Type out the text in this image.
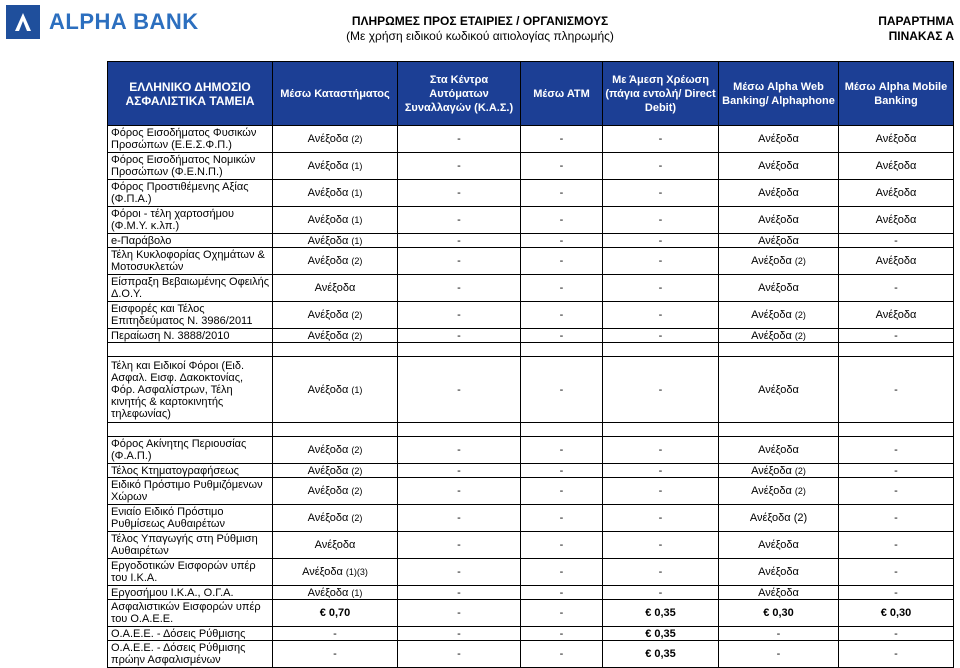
ALPHA BANK	ΠΛΗΡΩΜΕΣ ΠΡΟΣ ΕΤΑΙΡΙΕΣ / ΟΡΓΑΝΙΣΜΟΥΣ
(Με χρήση ειδικού κωδικού αιτιολογίας πληρωμής)
ΠΑΡΑΡΤΗΜΑ
ΠΙΝΑΚΑΣ Α
ΕΛΛΗΝΙΚΟ ΔΗΜΟΣΙΟ ΑΣΦΑΛΙΣΤΙΚΑ ΤΑΜΕΙΑ	Μέσω Καταστήματος	Στα Κέντρα Αυτόματων Συναλλαγών (Κ.Α.Σ.)	Μέσω ΑΤΜ	Με Άμεση Χρέωση (πάγια εντολή/ Direct Debit)	Μέσω Alpha Web Banking/ Alphaphone	Μέσω Alpha Mobile Banking
Φόρος Εισοδήματος Φυσικών Προσώπων (Ε.Ε.Σ.Φ.Π.)	Ανέξοδα (2)	-	-	-	Ανέξοδα	Ανέξοδα
Φόρος Εισοδήματος Νομικών Προσώπων (Φ.Ε.Ν.Π.)	Ανέξοδα (1)	-	-	-	Ανέξοδα	Ανέξοδα
Φόρος Προστιθέμενης Αξίας (Φ.Π.Α.)	Ανέξοδα (1)	-	-	-	Ανέξοδα	Ανέξοδα
Φόροι - τέλη χαρτοσήμου (Φ.Μ.Υ. κ.λπ.)	Ανέξοδα (1)	-	-	-	Ανέξοδα	Ανέξοδα
e-Παράβολο	Ανέξοδα (1)	-	-	-	Ανέξοδα	-
Τέλη Κυκλοφορίας Οχημάτων & Μοτοσυκλετών	Ανέξοδα (2)	-	-	-	Ανέξοδα (2)	Ανέξοδα
Είσπραξη Βεβαιωμένης Οφειλής Δ.Ο.Υ.	Ανέξοδα	-	-	-	Ανέξοδα	-
Εισφορές και Τέλος Επιτηδεύματος Ν. 3986/2011	Ανέξοδα (2)	-	-	-	Ανέξοδα (2)	Ανέξοδα
Περαίωση Ν. 3888/2010	Ανέξοδα (2)	-	-	-	Ανέξοδα (2)	-

Τέλη και Ειδικοί Φόροι (Ειδ. Ασφαλ. Εισφ. Δακοκτονίας, Φόρ. Ασφαλίστρων, Τέλη κινητής & καρτοκινητής τηλεφωνίας)	Ανέξοδα (1)	-	-	-	Ανέξοδα	-

Φόρος Ακίνητης Περιουσίας (Φ.Α.Π.)	Ανέξοδα (2)	-	-	-	Ανέξοδα	-
Τέλος Κτηματογραφήσεως	Ανέξοδα (2)	-	-	-	Ανέξοδα (2)	-
Ειδικό Πρόστιμο Ρυθμιζόμενων Χώρων	Ανέξοδα (2)	-	-	-	Ανέξοδα (2)	-
Ενιαίο Ειδικό Πρόστιμο Ρυθμίσεως Αυθαιρέτων	Ανέξοδα (2)	-	-	-	Ανέξοδα (2)	-
Τέλος Υπαγωγής στη Ρύθμιση Αυθαιρέτων	Ανέξοδα	-	-	-	Ανέξοδα	-
Εργοδοτικών Εισφορών υπέρ του Ι.Κ.Α.	Ανέξοδα (1)(3)	-	-	-	Ανέξοδα	-
Εργοσήμου Ι.Κ.Α., Ο.Γ.Α.	Ανέξοδα (1)	-	-	-	Ανέξοδα	-
Ασφαλιστικών Εισφορών υπέρ του Ο.Α.Ε.Ε.	€ 0,70	-	-	€ 0,35	€ 0,30	€ 0,30
Ο.Α.Ε.Ε. - Δόσεις Ρύθμισης	-	-	-	€ 0,35	-	-
Ο.Α.Ε.Ε. - Δόσεις Ρύθμισης πρώην Ασφαλισμένων	-	-	-	€ 0,35	-	-
